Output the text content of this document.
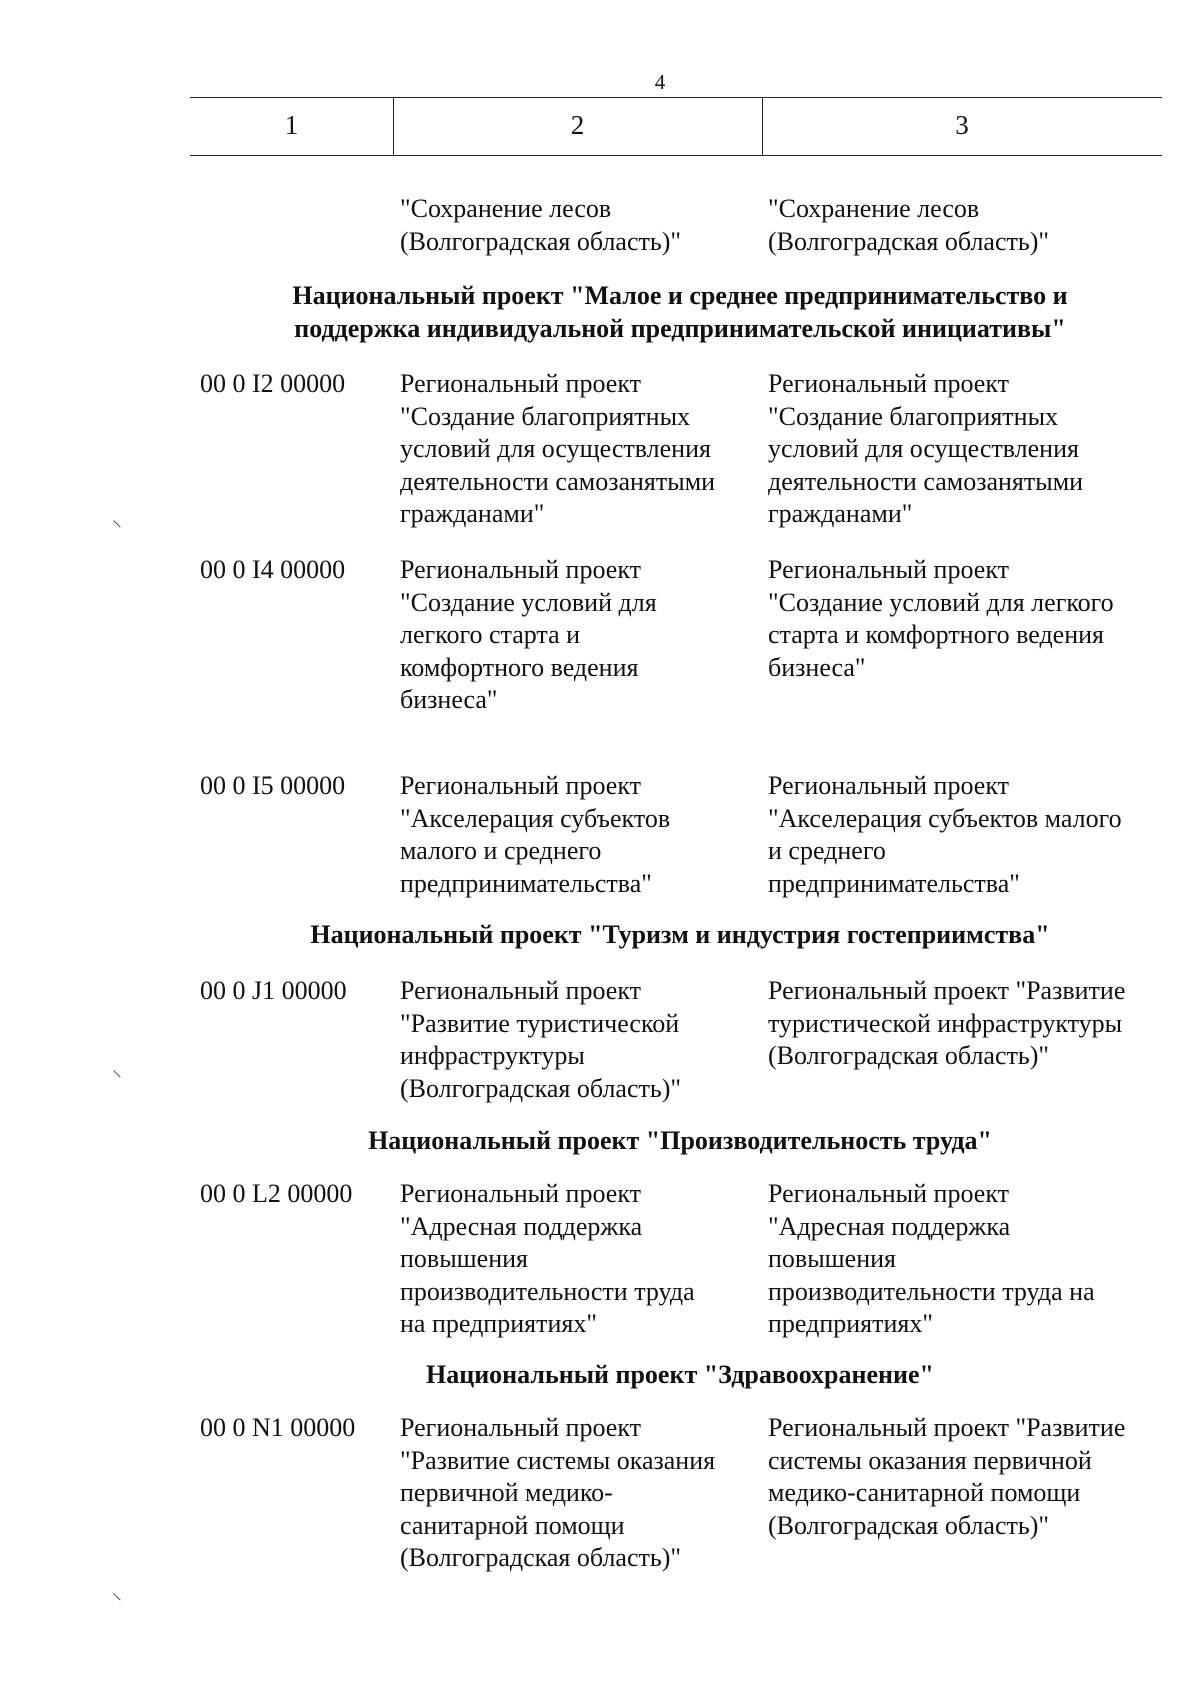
4
1	2	3
"Сохранение лесов
(Волгоградская область)"
"Сохранение лесов
(Волгоградская область)"
Национальный проект "Малое и среднее предпринимательство и
поддержка индивидуальной предпринимательской инициативы"
00 0 I2 00000 Региональный проект
"Создание благоприятных
условий для осуществления
деятельности самозанятыми
гражданами"
Региональный проект
"Создание благоприятных
условий для осуществления
деятельности самозанятыми
гражданами"
00 0 I4 00000 Региональный проект
"Создание условий для
легкого старта и
комфортного ведения
бизнеса"
Региональный проект
"Создание условий для легкого
старта и комфортного ведения
бизнеса"
00 0 I5 00000 Региональный проект
"Акселерация субъектов
малого и среднего
предпринимательства"
Региональный проект
"Акселерация субъектов малого
и среднего
предпринимательства"
Национальный проект "Туризм и индустрия гостеприимства"
00 0 J1 00000 Региональный проект
"Развитие туристической
инфраструктуры
(Волгоградская область)"
Региональный проект "Развитие
туристической инфраструктуры
(Волгоградская область)"
Национальный проект "Производительность труда"
00 0 L2 00000 Региональный проект
"Адресная поддержка
повышения
производительности труда
на предприятиях"
Региональный проект
"Адресная поддержка
повышения
производительности труда на
предприятиях"
Национальный проект "Здравоохранение"
00 0 N1 00000 Региональный проект
"Развитие системы оказания
первичной медико-
санитарной помощи
(Волгоградская область)"
Региональный проект "Развитие
системы оказания первичной
медико-санитарной помощи
(Волгоградская область)"
⸜
⸜
⸜
